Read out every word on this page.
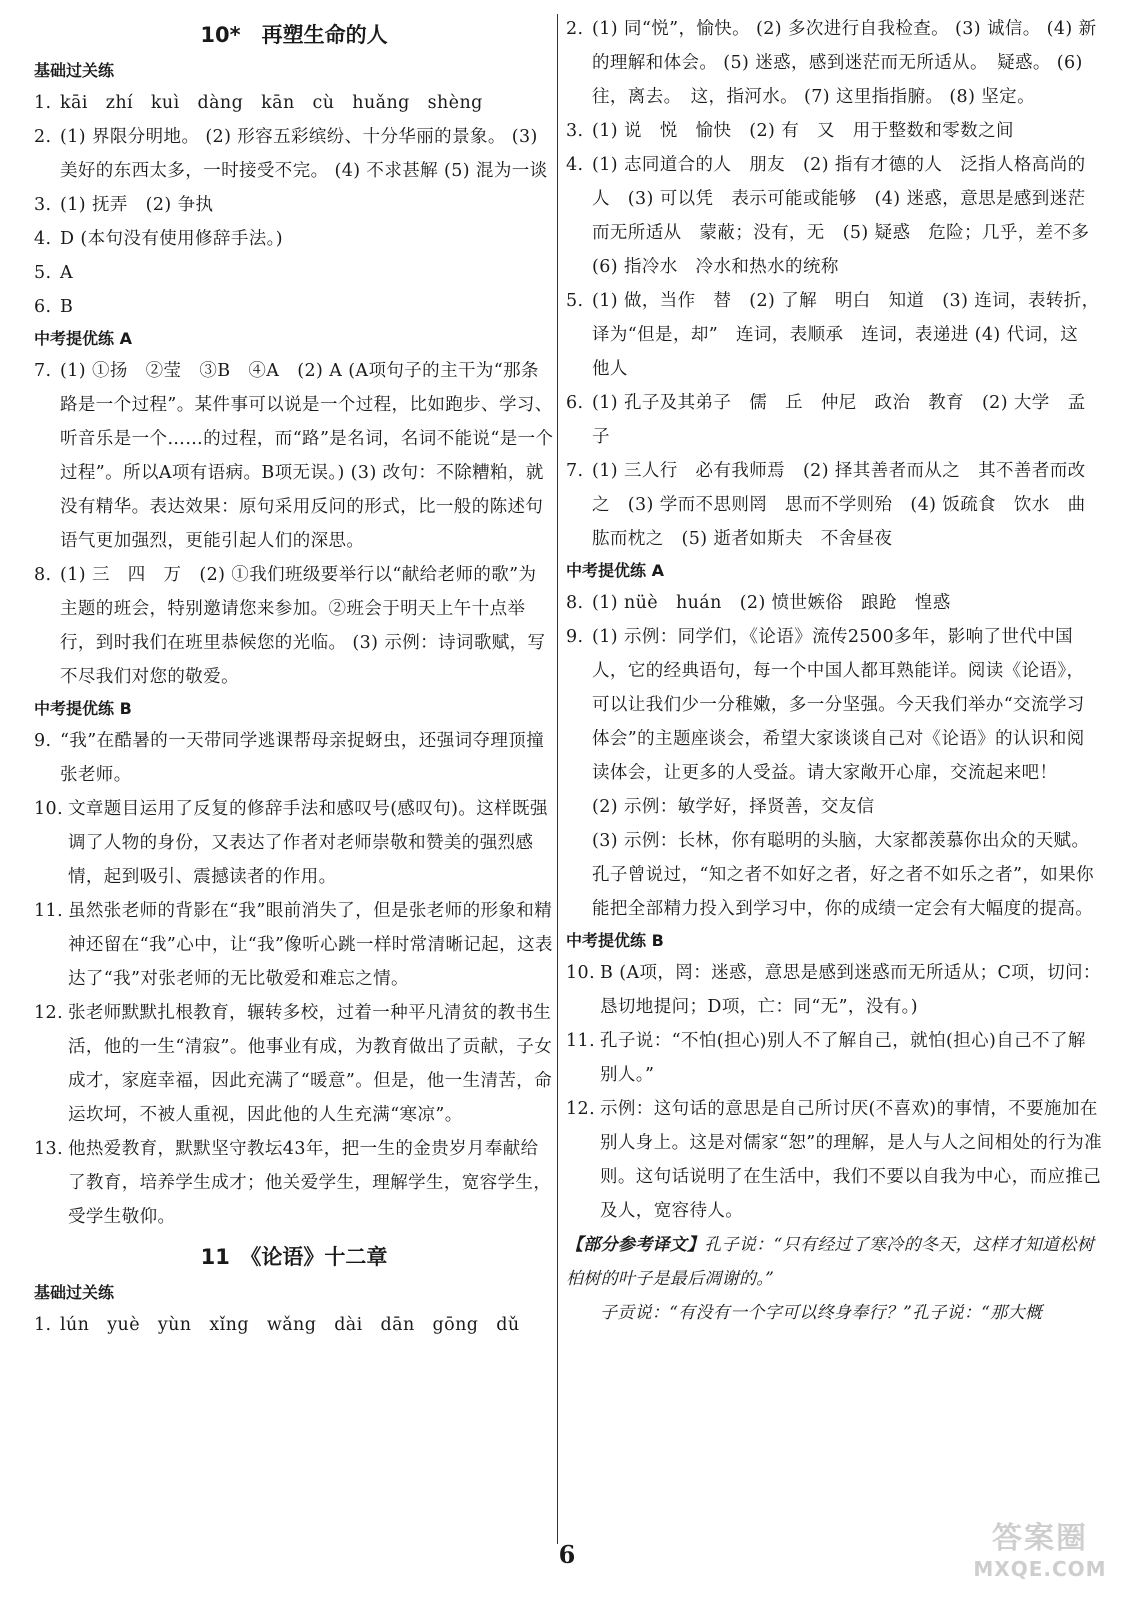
10*　再塑生命的人
基础过关练
1. kāi　zhí　kuì　dàng　kān　cù　huǎng　shèng
2. (1) 界限分明地。 (2) 形容五彩缤纷、十分华丽的景象。 (3) 美好的东西太多，一时接受不完。 (4) 不求甚解 (5) 混为一谈
3. (1) 抚弄　(2) 争执
4. D (本句没有使用修辞手法。)
5. A
6. B
中考提优练 A
7. (1) ①扬　②莹　③B　④A　(2) A (A项句子的主干为“那条路是一个过程”。某件事可以说是一个过程，比如跑步、学习、听音乐是一个……的过程，而“路”是名词，名词不能说“是一个过程”。所以A项有语病。B项无误。) (3) 改句：不除糟粕，就没有精华。表达效果：原句采用反问的形式，比一般的陈述句语气更加强烈，更能引起人们的深思。
8. (1) 三　四　万　(2) ①我们班级要举行以“献给老师的歌”为主题的班会，特别邀请您来参加。②班会于明天上午十点举行，到时我们在班里恭候您的光临。 (3) 示例：诗词歌赋，写不尽我们对您的敬爱。
中考提优练 B
9. “我”在酷暑的一天带同学逃课帮母亲捉蚜虫，还强词夺理顶撞张老师。
10. 文章题目运用了反复的修辞手法和感叹号(感叹句)。这样既强调了人物的身份，又表达了作者对老师崇敬和赞美的强烈感情，起到吸引、震撼读者的作用。
11. 虽然张老师的背影在“我”眼前消失了，但是张老师的形象和精神还留在“我”心中，让“我”像听心跳一样时常清晰记起，这表达了“我”对张老师的无比敬爱和难忘之情。
12. 张老师默默扎根教育，辗转多校，过着一种平凡清贫的教书生活，他的一生“清寂”。他事业有成，为教育做出了贡献，子女成才，家庭幸福，因此充满了“暖意”。但是，他一生清苦，命运坎坷，不被人重视，因此他的人生充满“寒凉”。
13. 他热爱教育，默默坚守教坛43年，把一生的金贵岁月奉献给了教育，培养学生成才；他关爱学生，理解学生，宽容学生，受学生敬仰。
11　《论语》十二章
基础过关练
1. lún　yuè　yùn　xǐng　wǎng　dài　dān　gōng　dǔ
2. (1) 同“悦”，愉快。 (2) 多次进行自我检查。 (3) 诚信。 (4) 新的理解和体会。 (5) 迷惑，感到迷茫而无所适从。　疑惑。 (6) 往，离去。　这，指河水。 (7) 这里指指腑。 (8) 坚定。
3. (1) 说　悦　愉快　(2) 有　又　用于整数和零数之间
4. (1) 志同道合的人　朋友　(2) 指有才德的人　泛指人格高尚的人　(3) 可以凭　表示可能或能够　(4) 迷惑，意思是感到迷茫而无所适从　蒙蔽；没有，无　(5) 疑惑　危险；几乎，差不多　(6) 指冷水　冷水和热水的统称
5. (1) 做，当作　替　(2) 了解　明白　知道　(3) 连词，表转折，译为“但是，却”　连词，表顺承　连词，表递进 (4) 代词，这　他人
6. (1) 孔子及其弟子　儒　丘　仲尼　政治　教育　(2) 大学　孟子
7. (1) 三人行　必有我师焉　(2) 择其善者而从之　其不善者而改之　(3) 学而不思则罔　思而不学则殆　(4) 饭疏食　饮水　曲肱而枕之　(5) 逝者如斯夫　不舍昼夜
中考提优练 A
8. (1) nüè　huán　(2) 愤世嫉俗　踉跄　惶惑
9. (1) 示例：同学们，《论语》流传2500多年，影响了世代中国人，它的经典语句，每一个中国人都耳熟能详。阅读《论语》，可以让我们少一分稚嫩，多一分坚强。今天我们举办“交流学习体会”的主题座谈会，希望大家谈谈自己对《论语》的认识和阅读体会，让更多的人受益。请大家敞开心扉，交流起来吧！
(2) 示例：敏学好，择贤善，交友信
(3) 示例：长林，你有聪明的头脑，大家都羡慕你出众的天赋。孔子曾说过，“知之者不如好之者，好之者不如乐之者”，如果你能把全部精力投入到学习中，你的成绩一定会有大幅度的提高。
中考提优练 B
10. B (A项，罔：迷惑，意思是感到迷惑而无所适从；C项，切问：恳切地提问；D项，亡：同“无”，没有。)
11. 孔子说：“不怕(担心)别人不了解自己，就怕(担心)自己不了解别人。”
12. 示例：这句话的意思是自己所讨厌(不喜欢)的事情，不要施加在别人身上。这是对儒家“恕”的理解，是人与人之间相处的行为准则。这句话说明了在生活中，我们不要以自我为中心，而应推己及人，宽容待人。
【部分参考译文】孔子说：“只有经过了寒冷的冬天，这样才知道松树柏树的叶子是最后凋谢的。”
子贡说：“有没有一个字可以终身奉行？”孔子说：“那大概
6	答案圈
MXQE.COM
